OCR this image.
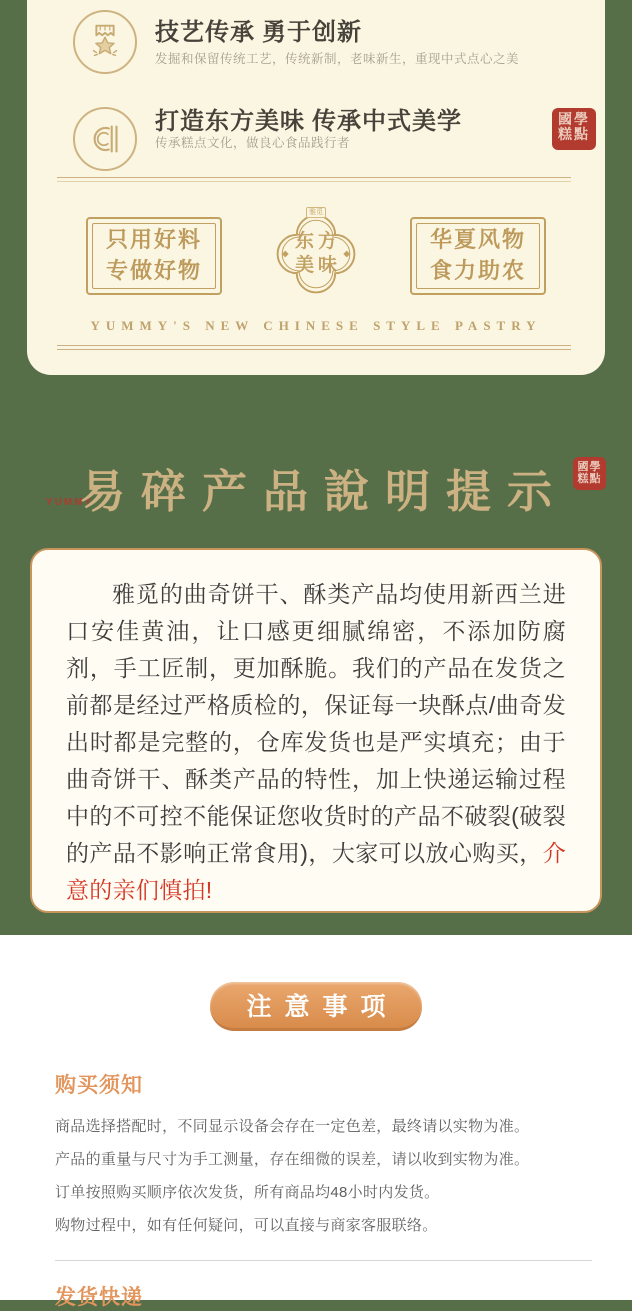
技艺传承 勇于创新
发掘和保留传统工艺，传统新制，老味新生，重现中式点心之美
打造东方美味 传承中式美学
传承糕点文化，做良心食品践行者
國學
糕點
只用好料
专做好物
雅觅
东方
美味
华夏风物
食力助农
YUMMY'S NEW CHINESE STYLE PASTRY
YUMMY
易碎产品說明提示
國學
糕點

雅觅的曲奇饼干、酥类产品均使用新西兰进口安佳黄油，让口感更细腻绵密，不添加防腐剂，手工匠制，更加酥脆。我们的产品在发货之前都是经过严格质检的，保证每一块酥点/曲奇发出时都是完整的，仓库发货也是严实填充；由于曲奇饼干、酥类产品的特性，加上快递运输过程中的不可控不能保证您收货时的产品不破裂(破裂的产品不影响正常食用)，大家可以放心购买，介意的亲们慎拍!

注意事项
购买须知

商品选择搭配时，不同显示设备会存在一定色差，最终请以实物为准。

产品的重量与尺寸为手工测量，存在细微的误差，请以收到实物为准。

订单按照购买顺序依次发货，所有商品均48小时内发货。

购物过程中，如有任何疑问，可以直接与商家客服联络。

发货快递
